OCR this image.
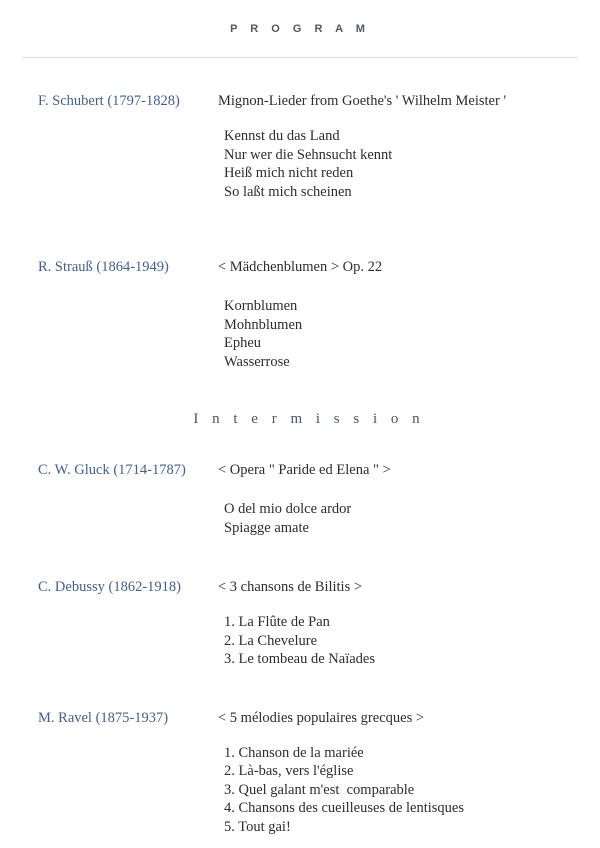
P R O G R A M
F. Schubert (1797-1828)	Mignon-Lieder from Goethe's ' Wilhelm Meister '
Kennst du das Land
Nur wer die Sehnsucht kennt
Heiß mich nicht reden
So laßt mich scheinen
R. Strauß (1864-1949)	< Mädchenblumen > Op. 22
Kornblumen
Mohnblumen
Epheu
Wasserrose
I n t e r m i s s i o n
C. W. Gluck (1714-1787)	< Opera " Paride ed Elena " >
O del mio dolce ardor
Spiagge amate
C. Debussy (1862-1918)	< 3 chansons de Bilitis >
1. La Flûte de Pan
2. La Chevelure
3. Le tombeau de Naïades
M. Ravel (1875-1937)	< 5 mélodies populaires grecques >
1. Chanson de la mariée
2. Là-bas, vers l'église
3. Quel galant m'est  comparable
4. Chansons des cueilleuses de lentisques
5. Tout gai!
